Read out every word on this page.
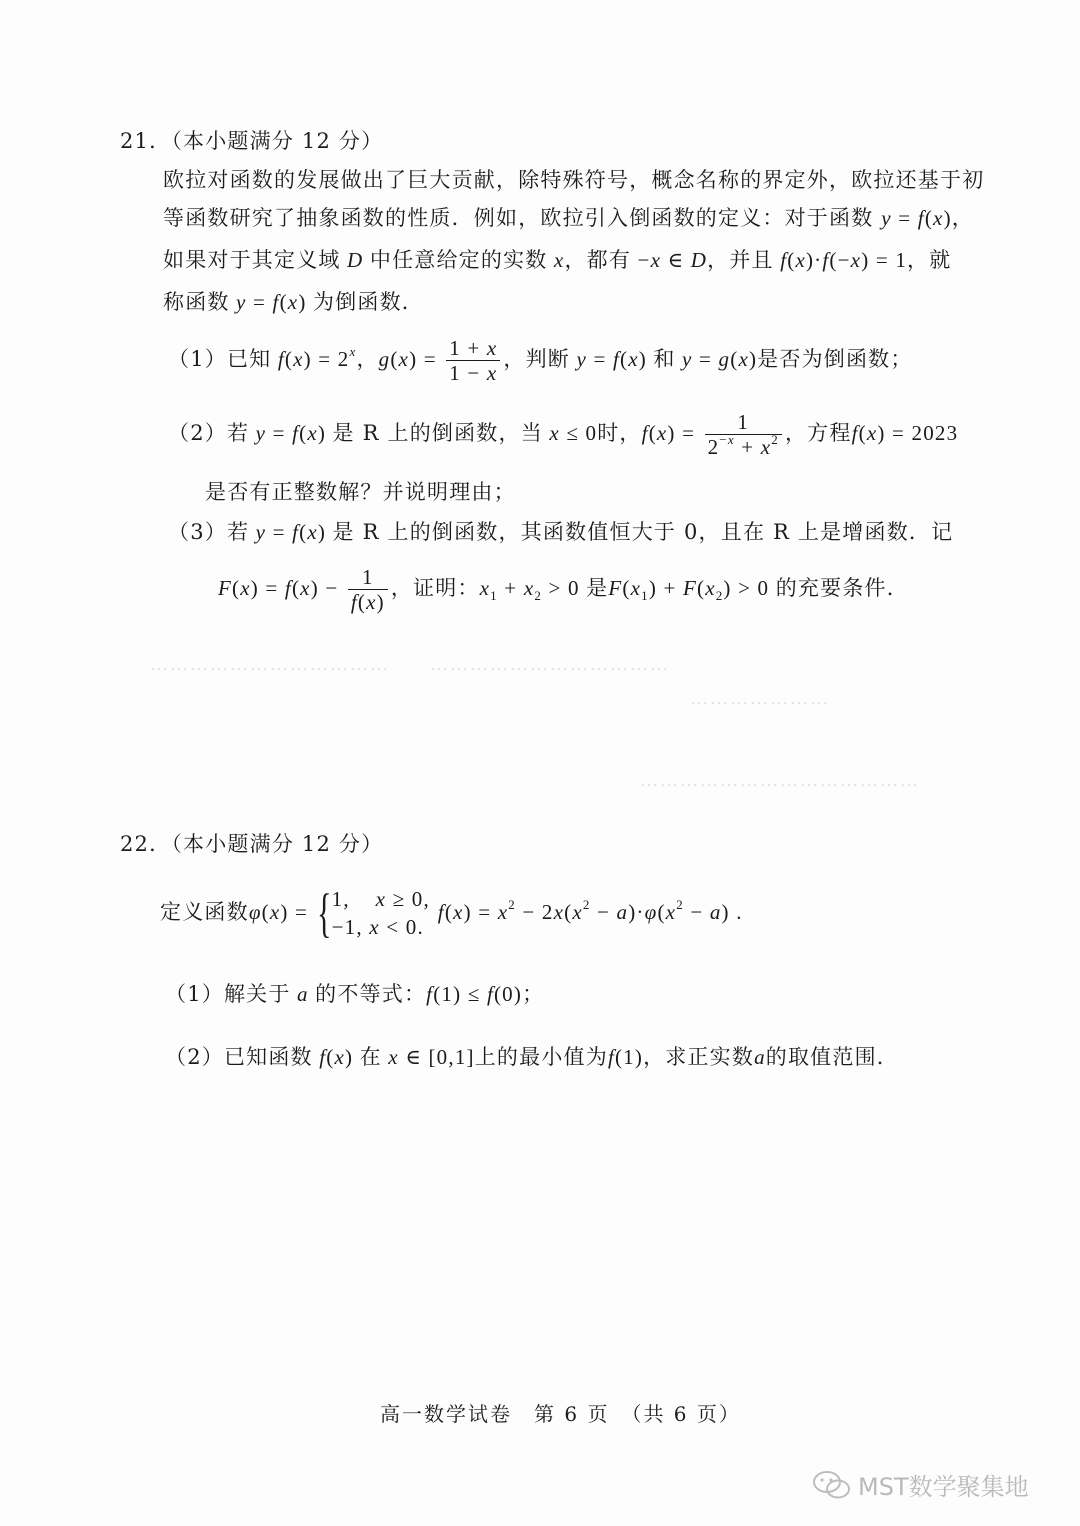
21．（本小题满分 12 分）
欧拉对函数的发展做出了巨大贡献，除特殊符号，概念名称的界定外，欧拉还基于初
等函数研究了抽象函数的性质．例如，欧拉引入倒函数的定义：对于函数 y = f(x)，
如果对于其定义域 D 中任意给定的实数 x，都有 −x ∈ D，并且 f(x)·f(−x) = 1，就
称函数 y = f(x) 为倒函数．
（1）已知 $f(x) = 2^x$，$g(x) = \frac{1 + x}{1 - x}$ ，判断 y = f(x) 和 y = g(x)是否为倒函数；
（2）若 y = f(x) 是 R 上的倒函数，当 x ≤ 0时，$f(x) = \frac{1}{2^{-x} + x^2}$ ，方程f(x) = 2023
是否有正整数解？并说明理由；
（3）若 y = f(x) 是 R 上的倒函数，其函数值恒大于 0，且在 R 上是增函数．记
$F(x) = f(x) - \frac{1}{f(x)}$ ，证明：$x_1 + x_2 > 0$ 是$F(x_1) + F(x_2) > 0$ 的充要条件．
………………………………　　………………………………
…………………
……………………………………
22．（本小题满分 12 分）
定义函数φ(x) = { 1,    x ≥ 0,
−1, x < 0.
$f(x) = x^2 - 2x(x^2 - a)\cdot\varphi(x^2 - a)$ .
（1）解关于 a 的不等式：f(1) ≤ f(0)；
（2）已知函数 f(x) 在 x ∈ [0,1]上的最小值为f(1)，求正实数a的取值范围．
高一数学试卷　第 6 页　（共 6 页）
MST数学聚集地
